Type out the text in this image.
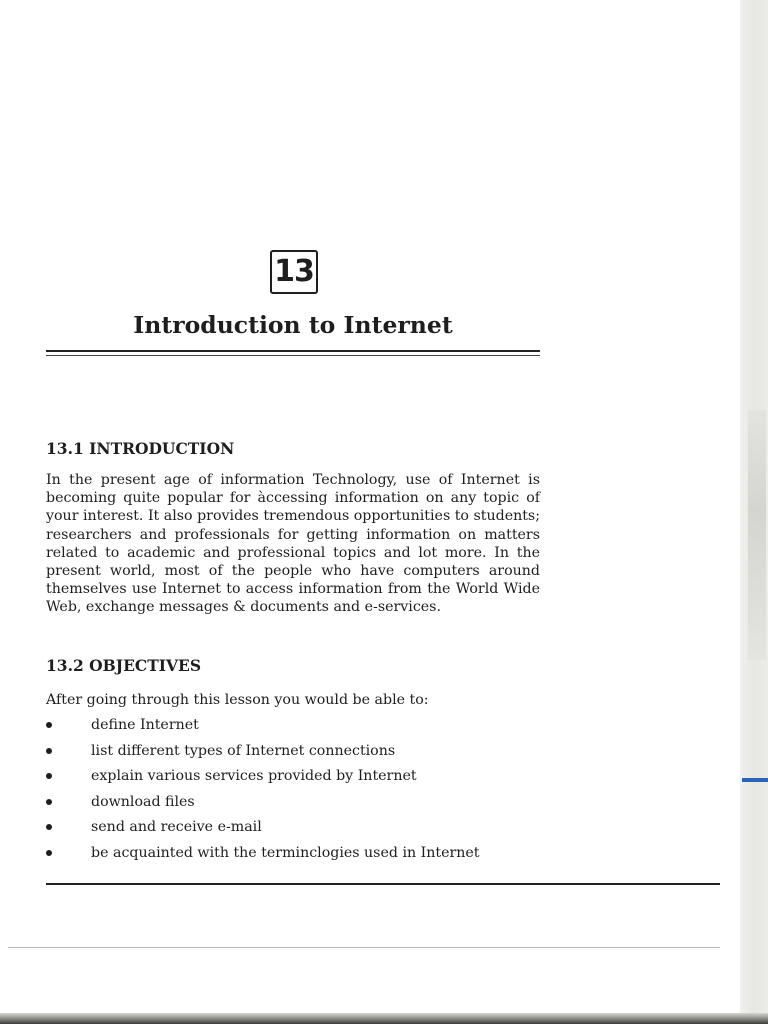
13
Introduction to Internet
13.1 INTRODUCTION

In the present age of information Technology, use of Internet is becoming quite popular for àccessing information on any topic of your interest. It also provides tremendous opportunities to students; researchers and professionals for getting information on matters related to academic and professional topics and lot more. In the present world, most of the people who have computers around themselves use Internet to access information from the World Wide Web, exchange messages & documents and e-services.

13.2 OBJECTIVES
After going through this lesson you would be able to:
define Internet
list different types of Internet connections
explain various services provided by Internet
download files
send and receive e-mail
be acquainted with the terminclogies used in Internet
